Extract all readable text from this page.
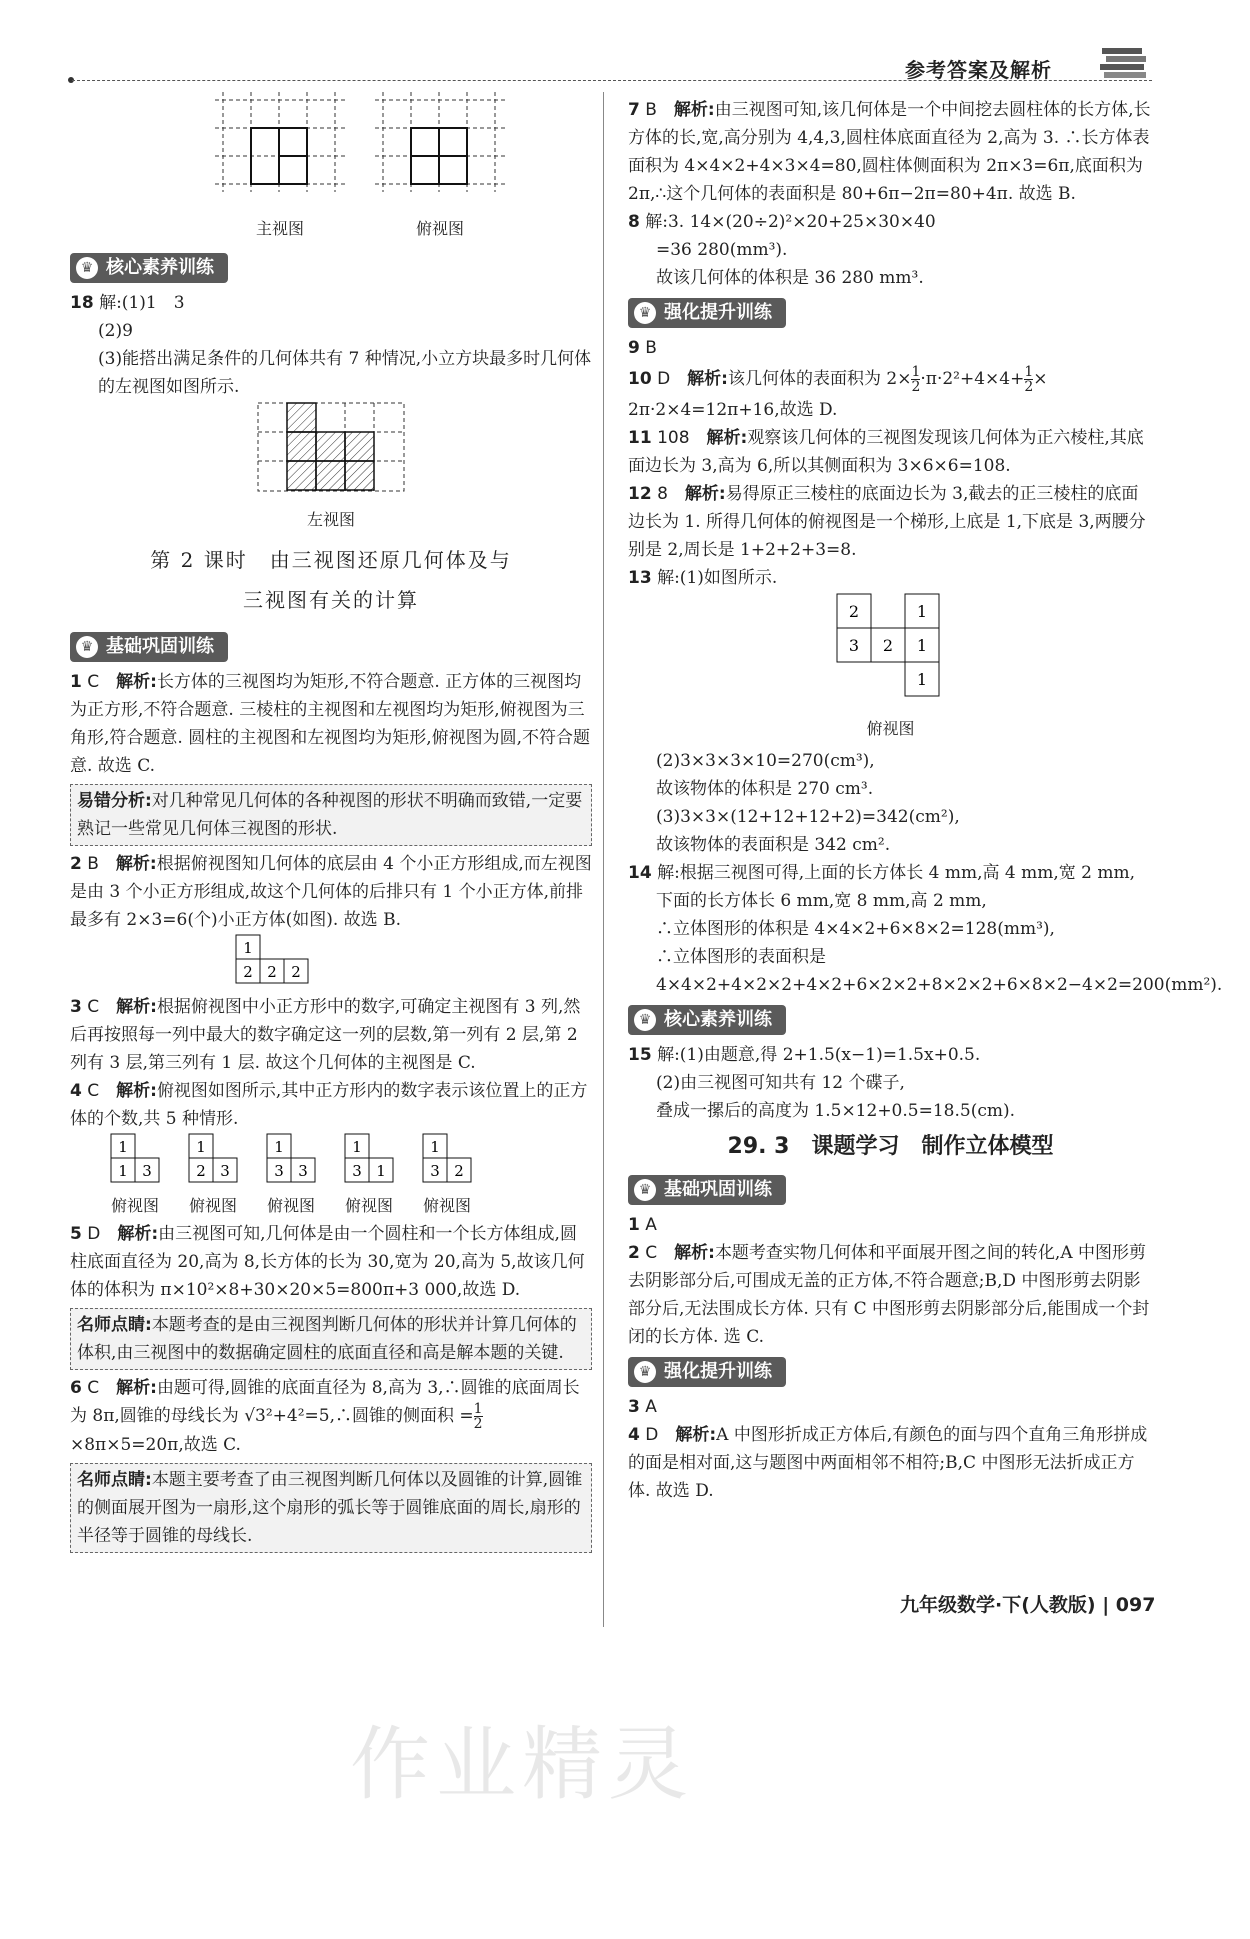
参考答案及解析
主视图	俯视图
♛ 核心素养训练

18 解:(1)1　3

(2)9

(3)能搭出满足条件的几何体共有 7 种情况,小立方块最多时几何体的左视图如图所示.

左视图
第 2 课时　由三视图还原几何体及与
三视图有关的计算
♛ 基础巩固训练

1 C　 解析:长方体的三视图均为矩形,不符合题意. 正方体的三视图均为正方形,不符合题意. 三棱柱的主视图和左视图均为矩形,俯视图为三角形,符合题意. 圆柱的主视图和左视图均为矩形,俯视图为圆,不符合题意. 故选 C.

易错分析:对几种常见几何体的各种视图的形状不明确而致错,一定要熟记一些常见几何体三视图的形状.

2 B　 解析:根据俯视图知几何体的底层由 4 个小正方形组成,而左视图是由 3 个小正方形组成,故这个几何体的后排只有 1 个小正方体,前排最多有 2×3=6(个)小正方体(如图). 故选 B.

1
2 2 2

3 C　 解析:根据俯视图中小正方形中的数字,可确定主视图有 3 列,然后再按照每一列中最大的数字确定这一列的层数,第一列有 2 层,第 2 列有 3 层,第三列有 1 层. 故这个几何体的主视图是 C.

4 C　 解析:俯视图如图所示,其中正方形内的数字表示该位置上的正方体的个数,共 5 种情形.

1
1 3
俯视图
1
2 3
俯视图
1
3 3
俯视图
1
3 1
俯视图
1
3 2
俯视图

5 D　 解析:由三视图可知,几何体是由一个圆柱和一个长方体组成,圆柱底面直径为 20,高为 8,长方体的长为 30,宽为 20,高为 5,故该几何体的体积为 π×10²×8+30×20×5=800π+3 000,故选 D.

名师点睛:本题考查的是由三视图判断几何体的形状并计算几何体的体积,由三视图中的数据确定圆柱的底面直径和高是解本题的关键.

6 C　 解析:由题可得,圆锥的底面直径为 8,高为 3,∴圆锥的底面周长为 8π,圆锥的母线长为 √3²+4²=5,∴圆锥的侧面积 = $\frac{1}{2}$
×8π×5=20π,故选 C.

名师点睛:本题主要考查了由三视图判断几何体以及圆锥的计算,圆锥的侧面展开图为一扇形,这个扇形的弧长等于圆锥底面的周长,扇形的半径等于圆锥的母线长.

7 B　 解析:由三视图可知,该几何体是一个中间挖去圆柱体的长方体,长方体的长,宽,高分别为 4,4,3,圆柱体底面直径为 2,高为 3. ∴长方体表面积为 4×4×2+4×3×4=80,圆柱体侧面积为 2π×3=6π,底面积为 2π,∴这个几何体的表面积是 80+6π−2π=80+4π. 故选 B.

8 解:3. 14×(20÷2)²×20+25×30×40

=36 280(mm³).

故该几何体的体积是 36 280 mm³.

♛ 强化提升训练

9 B

10 D　 解析:该几何体的表面积为 $2\times \frac{1}{2} \cdot\pi\cdot 2^2+4\times 4+ \frac{1}{2}$ ×

2π·2×4=12π+16,故选 D.

11 108　 解析:观察该几何体的三视图发现该几何体为正六棱柱,其底面边长为 3,高为 6,所以其侧面积为 3×6×6=108.

12 8　 解析:易得原正三棱柱的底面边长为 3,截去的正三棱柱的底面边长为 1. 所得几何体的俯视图是一个梯形,上底是 1,下底是 3,两腰分别是 2,周长是 1+2+2+3=8.

13 解:(1)如图所示.

2	1
3 2 1
1
俯视图

(2)3×3×3×10=270(cm³),

故该物体的体积是 270 cm³.

(3)3×3×(12+12+12+2)=342(cm²),

故该物体的表面积是 342 cm².

14 解:根据三视图可得,上面的长方体长 4 mm,高 4 mm,宽 2 mm,

下面的长方体长 6 mm,宽 8 mm,高 2 mm,

∴立体图形的体积是 4×4×2+6×8×2=128(mm³),

∴立体图形的表面积是 4×4×2+4×2×2+4×2+6×2×2+8×2×2+6×8×2−4×2=200(mm²).

♛ 核心素养训练

15 解:(1)由题意,得 2+1.5(x−1)=1.5x+0.5.

(2)由三视图可知共有 12 个碟子,

叠成一摞后的高度为 1.5×12+0.5=18.5(cm).

29. 3　课题学习　制作立体模型
♛ 基础巩固训练

1 A

2 C　 解析:本题考查实物几何体和平面展开图之间的转化,A 中图形剪去阴影部分后,可围成无盖的正方体,不符合题意;B,D 中图形剪去阴影部分后,无法围成长方体. 只有 C 中图形剪去阴影部分后,能围成一个封闭的长方体. 选 C.

♛ 强化提升训练

3 A

4 D　 解析:A 中图形折成正方体后,有颜色的面与四个直角三角形拼成的面是相对面,这与题图中两面相邻不相符;B,C 中图形无法折成正方体. 故选 D.

九年级数学·下(人教版) | 097
作业精灵
